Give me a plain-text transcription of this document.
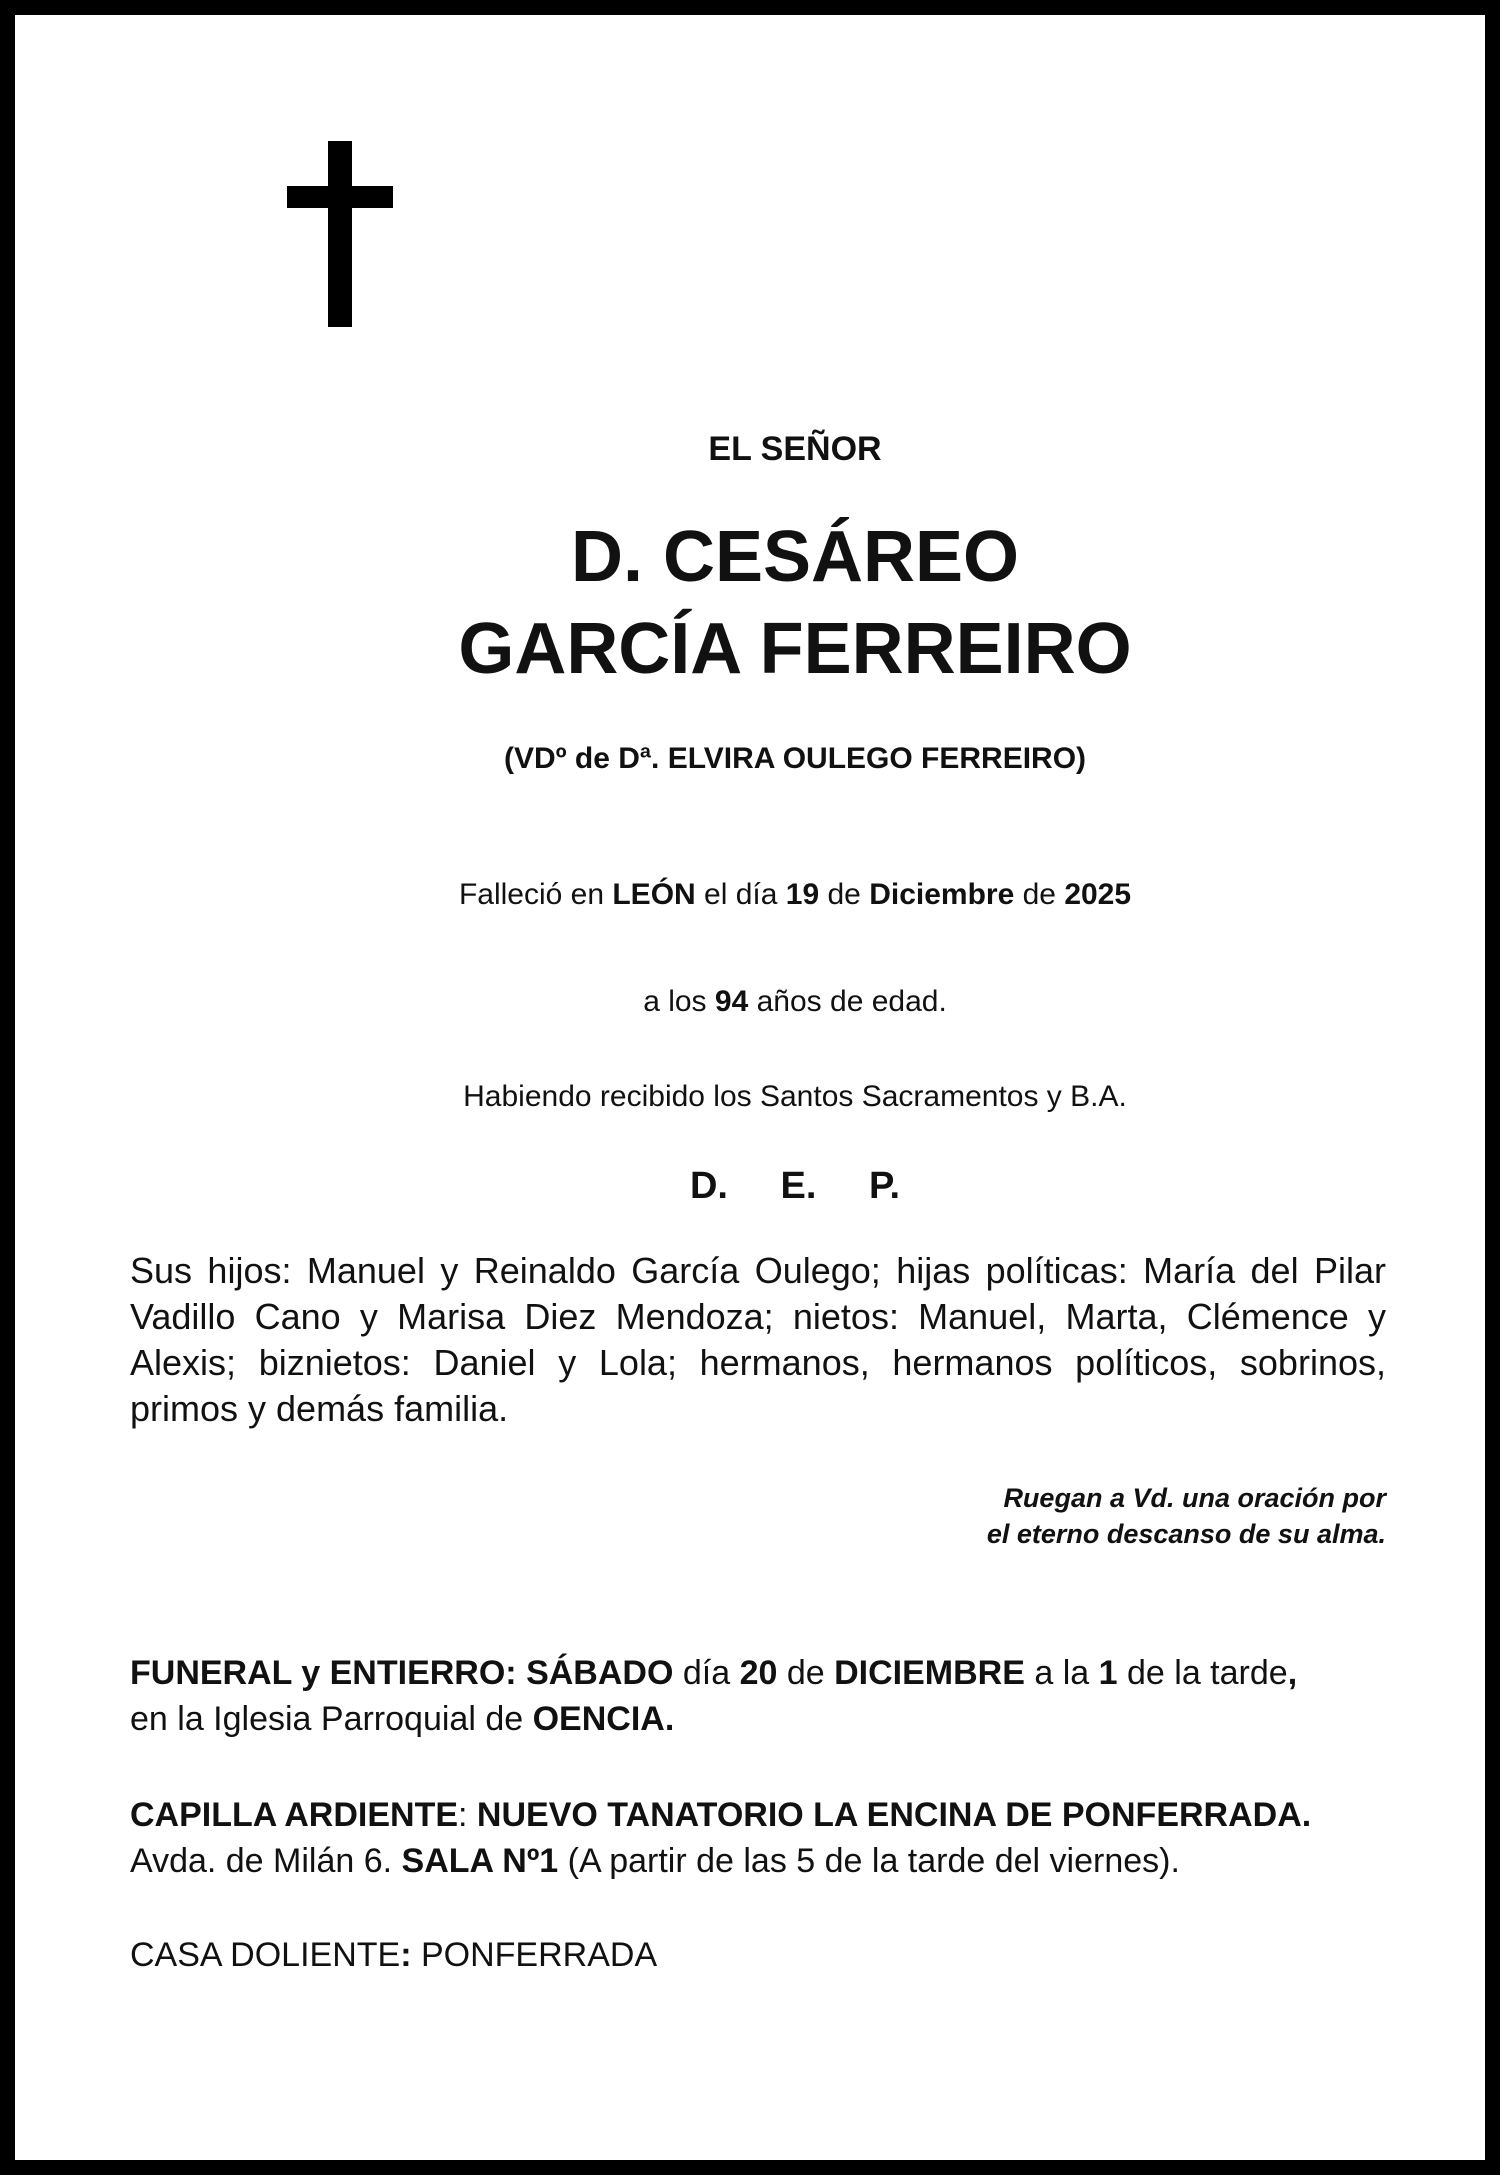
EL SEÑOR
D. CESÁREO
GARCÍA FERREIRO
(VDº de Dª. ELVIRA OULEGO FERREIRO)
Falleció en LEÓN el día 19 de Diciembre de 2025
a los 94 años de edad.
Habiendo recibido los Santos Sacramentos y B.A.
D. E. P.
Sus hijos: Manuel y Reinaldo García Oulego; hijas políticas: María del Pilar Vadillo Cano y Marisa Diez Mendoza; nietos: Manuel, Marta, Clémence y Alexis; biznietos: Daniel y Lola; hermanos, hermanos políticos, sobrinos, primos y demás familia.
Ruegan a Vd. una oración por
el eterno descanso de su alma.
FUNERAL y ENTIERRO: SÁBADO día 20 de DICIEMBRE a la 1 de la tarde,
en la Iglesia Parroquial de OENCIA.
CAPILLA ARDIENTE: NUEVO TANATORIO LA ENCINA DE PONFERRADA.
Avda. de Milán 6. SALA Nº1 (A partir de las 5 de la tarde del viernes).
CASA DOLIENTE: PONFERRADA
